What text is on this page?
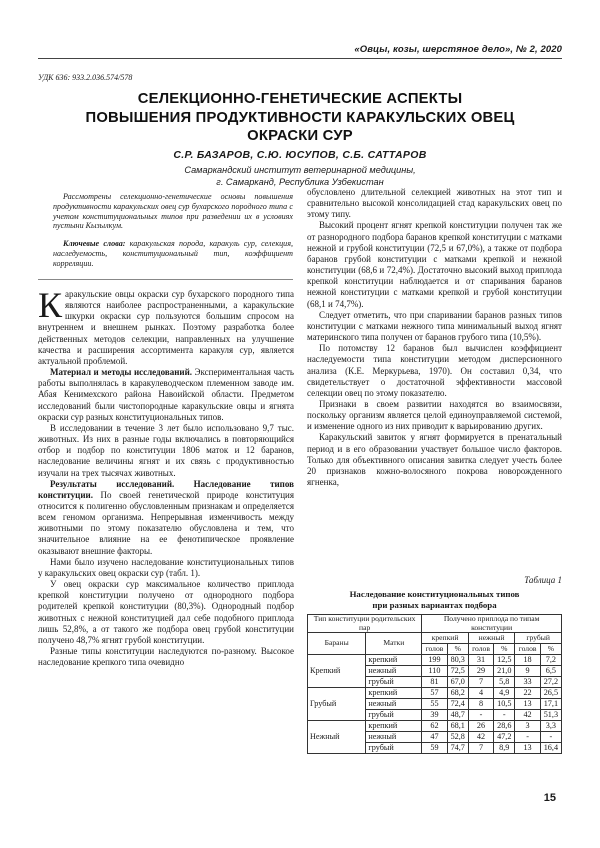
«Овцы, козы, шерстяное дело», № 2, 2020
УДК 636: 933.2.036.574/578
СЕЛЕКЦИОННО-ГЕНЕТИЧЕСКИЕ АСПЕКТЫ
ПОВЫШЕНИЯ ПРОДУКТИВНОСТИ КАРАКУЛЬСКИХ ОВЕЦ
ОКРАСКИ СУР
С.Р. БАЗАРОВ, С.Ю. ЮСУПОВ, С.Б. САТТАРОВ
Самаркандский институт ветеринарной медицины,
г. Самарканд, Республика Узбекистан

Рассмотрены селекционно-генетические основы повышения продуктивности каракульских овец сур бухарского породного типа с учетом конституциональных типов при разведении их в условиях пустыни Кызылкум.

Ключевые слова: каракульская порода, каракуль сур, селекция, наследуемость, конституциональный тип, коэффициент корреляции.

Каракульские овцы окраски сур бухарского породного типа являются наиболее распространенными, а каракульские шкурки окраски сур пользуются большим спросом на внутреннем и внешнем рынках. Поэтому разработка более действенных методов селекции, направленных на улучшение качества и расширения ассортимента каракуля сур, является актуальной проблемой.

Материал и методы исследований. Экспериментальная часть работы выполнялась в каракулеводческом племенном заводе им. Абая Кенимехского района Навоийской области. Предметом исследований были чистопородные каракульские овцы и ягнята окраски сур разных конституциональных типов.

В исследовании в течение 3 лет было использовано 9,7 тыс. животных. Из них в разные годы включались в повторяющийся отбор и подбор по конституции 1806 маток и 12 баранов, наследование величины ягнят и их связь с продуктивностью изучали на трех тысячах животных.

Результаты исследований. Наследование типов конституции. По своей генетической природе конституция относится к полигенно обусловленным признакам и определяется всем геномом организма. Непрерывная изменчивость между животными по этому показателю обусловлена и тем, что значительное влияние на ее фенотипическое проявление оказывают внешние факторы.

Нами было изучено наследование конституциональных типов у каракульских овец окраски сур (табл. 1).

У овец окраски сур максимальное количество приплода крепкой конституции получено от однородного подбора родителей крепкой конституции (80,3%). Однородный подбор животных с нежной конституцией дал себе подобного приплода лишь 52,8%, а от такого же подбора овец грубой конституции получено 48,7% ягнят грубой конституции.

Разные типы конституции наследуются по-разному. Высокое наследование крепкого типа очевидно

обусловлено длительной селекцией животных на этот тип и сравнительно высокой консолидацией стад каракульских овец по этому типу.

Высокий процент ягнят крепкой конституции получен так же от разнородного подбора баранов крепкой конституции с матками нежной и грубой конституции (72,5 и 67,0%), а также от подбора баранов грубой конституции с матками крепкой и нежной конституции (68,6 и 72,4%). Достаточно высокий выход приплода крепкой конституции наблюдается и от спаривания баранов нежной конституции с матками крепкой и грубой конституции (68,1 и 74,7%).

Следует отметить, что при спаривании баранов разных типов конституции с матками нежного типа минимальный выход ягнят материнского типа получен от баранов грубого типа (10,5%).

По потомству 12 баранов был вычислен коэффициент наследуемости типа конституции методом дисперсионного анализа (К.Е. Меркурьева, 1970). Он составил 0,34, что свидетельствует о достаточной эффективности массовой селекции овец по этому показателю.

Признаки в своем развитии находятся во взаимосвязи, поскольку организм является целой единоуправляемой системой, и изменение одного из них приводит к варьированию других.

Каракульский завиток у ягнят формируется в пренатальный период и в его образовании участвует большое число факторов. Только для объективного описания завитка следует учесть более 20 признаков кожно-волосяного покрова новорожденного ягненка,

Таблица 1
Наследование конституциональных типов
при разных вариантах подбора
Тип конституции родительских пар		Получено приплода по типам конституции					
Бараны	Матки	крепкий		нежный		грубый	
		голов	%	голов	%	голов	%
Крепкий	крепкий	199	80,3	31	12,5	18	7,2
	нежный	110	72,5	29	21,0	9	6,5
	грубый	81	67,0	7	5,8	33	27,2
Грубый	крепкий	57	68,2	4	4,9	22	26,5
	нежный	55	72,4	8	10,5	13	17,1
	грубый	39	48,7	-	-	42	51,3
Нежный	крепкий	62	68,1	26	28,6	3	3,3
	нежный	47	52,8	42	47,2	-	-
	грубый	59	74,7	7	8,9	13	16,4
15
